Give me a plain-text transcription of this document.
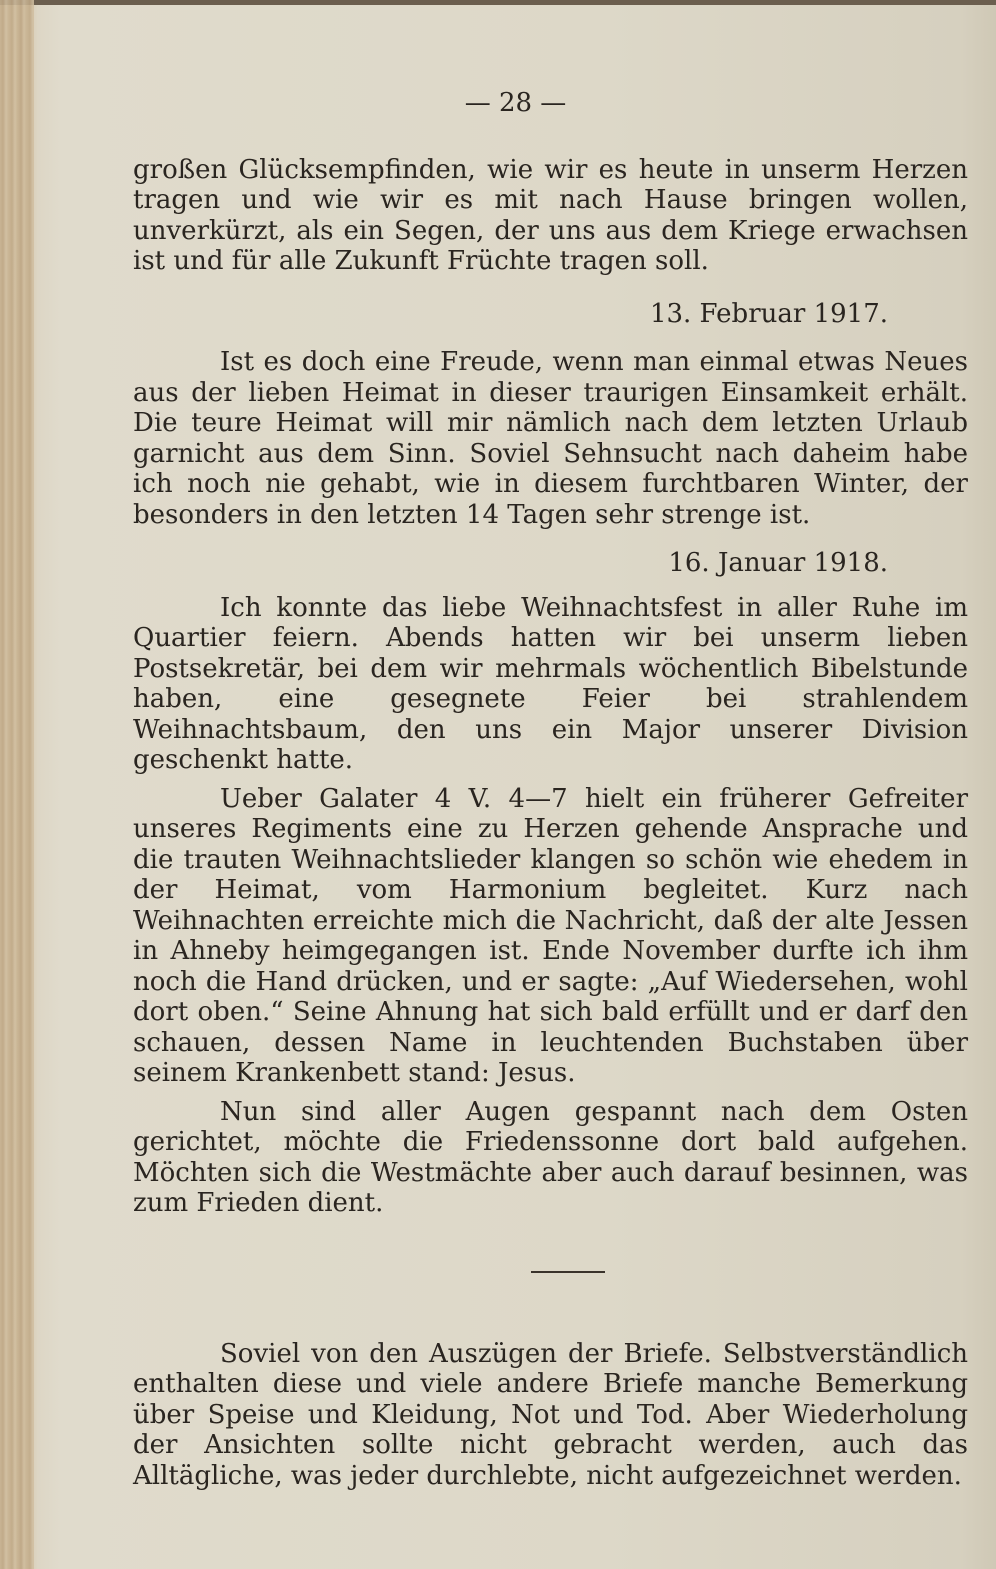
— 28 —

großen Glücksempfinden, wie wir es heute in unserm Herzen tragen und wie wir es mit nach Hause bringen wollen, unverkürzt, als ein Segen, der uns aus dem Kriege erwachsen ist und für alle Zukunft Früchte tragen soll.

13. Februar 1917.

Ist es doch eine Freude, wenn man einmal etwas Neues aus der lieben Heimat in dieser traurigen Einsamkeit erhält. Die teure Heimat will mir nämlich nach dem letzten Urlaub garnicht aus dem Sinn. Soviel Sehnsucht nach daheim habe ich noch nie gehabt, wie in diesem furchtbaren Winter, der besonders in den letzten 14 Tagen sehr strenge ist.

16. Januar 1918.

Ich konnte das liebe Weihnachtsfest in aller Ruhe im Quartier feiern. Abends hatten wir bei unserm lieben Postsekretär, bei dem wir mehrmals wöchentlich Bibelstunde haben, eine gesegnete Feier bei strahlendem Weihnachtsbaum, den uns ein Major unserer Division geschenkt hatte.

Ueber Galater 4 V. 4—7 hielt ein früherer Gefreiter unseres Regiments eine zu Herzen gehende Ansprache und die trauten Weihnachtslieder klangen so schön wie ehedem in der Heimat, vom Harmonium begleitet. Kurz nach Weihnachten erreichte mich die Nachricht, daß der alte Jessen in Ahneby heimgegangen ist. Ende November durfte ich ihm noch die Hand drücken, und er sagte: „Auf Wiedersehen, wohl dort oben.“ Seine Ahnung hat sich bald erfüllt und er darf den schauen, dessen Name in leuchtenden Buchstaben über seinem Krankenbett stand: Jesus.

Nun sind aller Augen gespannt nach dem Osten gerichtet, möchte die Friedenssonne dort bald aufgehen. Möchten sich die Westmächte aber auch darauf besinnen, was zum Frieden dient.

Soviel von den Auszügen der Briefe. Selbstverständlich enthalten diese und viele andere Briefe manche Bemerkung über Speise und Kleidung, Not und Tod. Aber Wiederholung der Ansichten sollte nicht gebracht werden, auch das Alltägliche, was jeder durchlebte, nicht aufgezeichnet werden.
